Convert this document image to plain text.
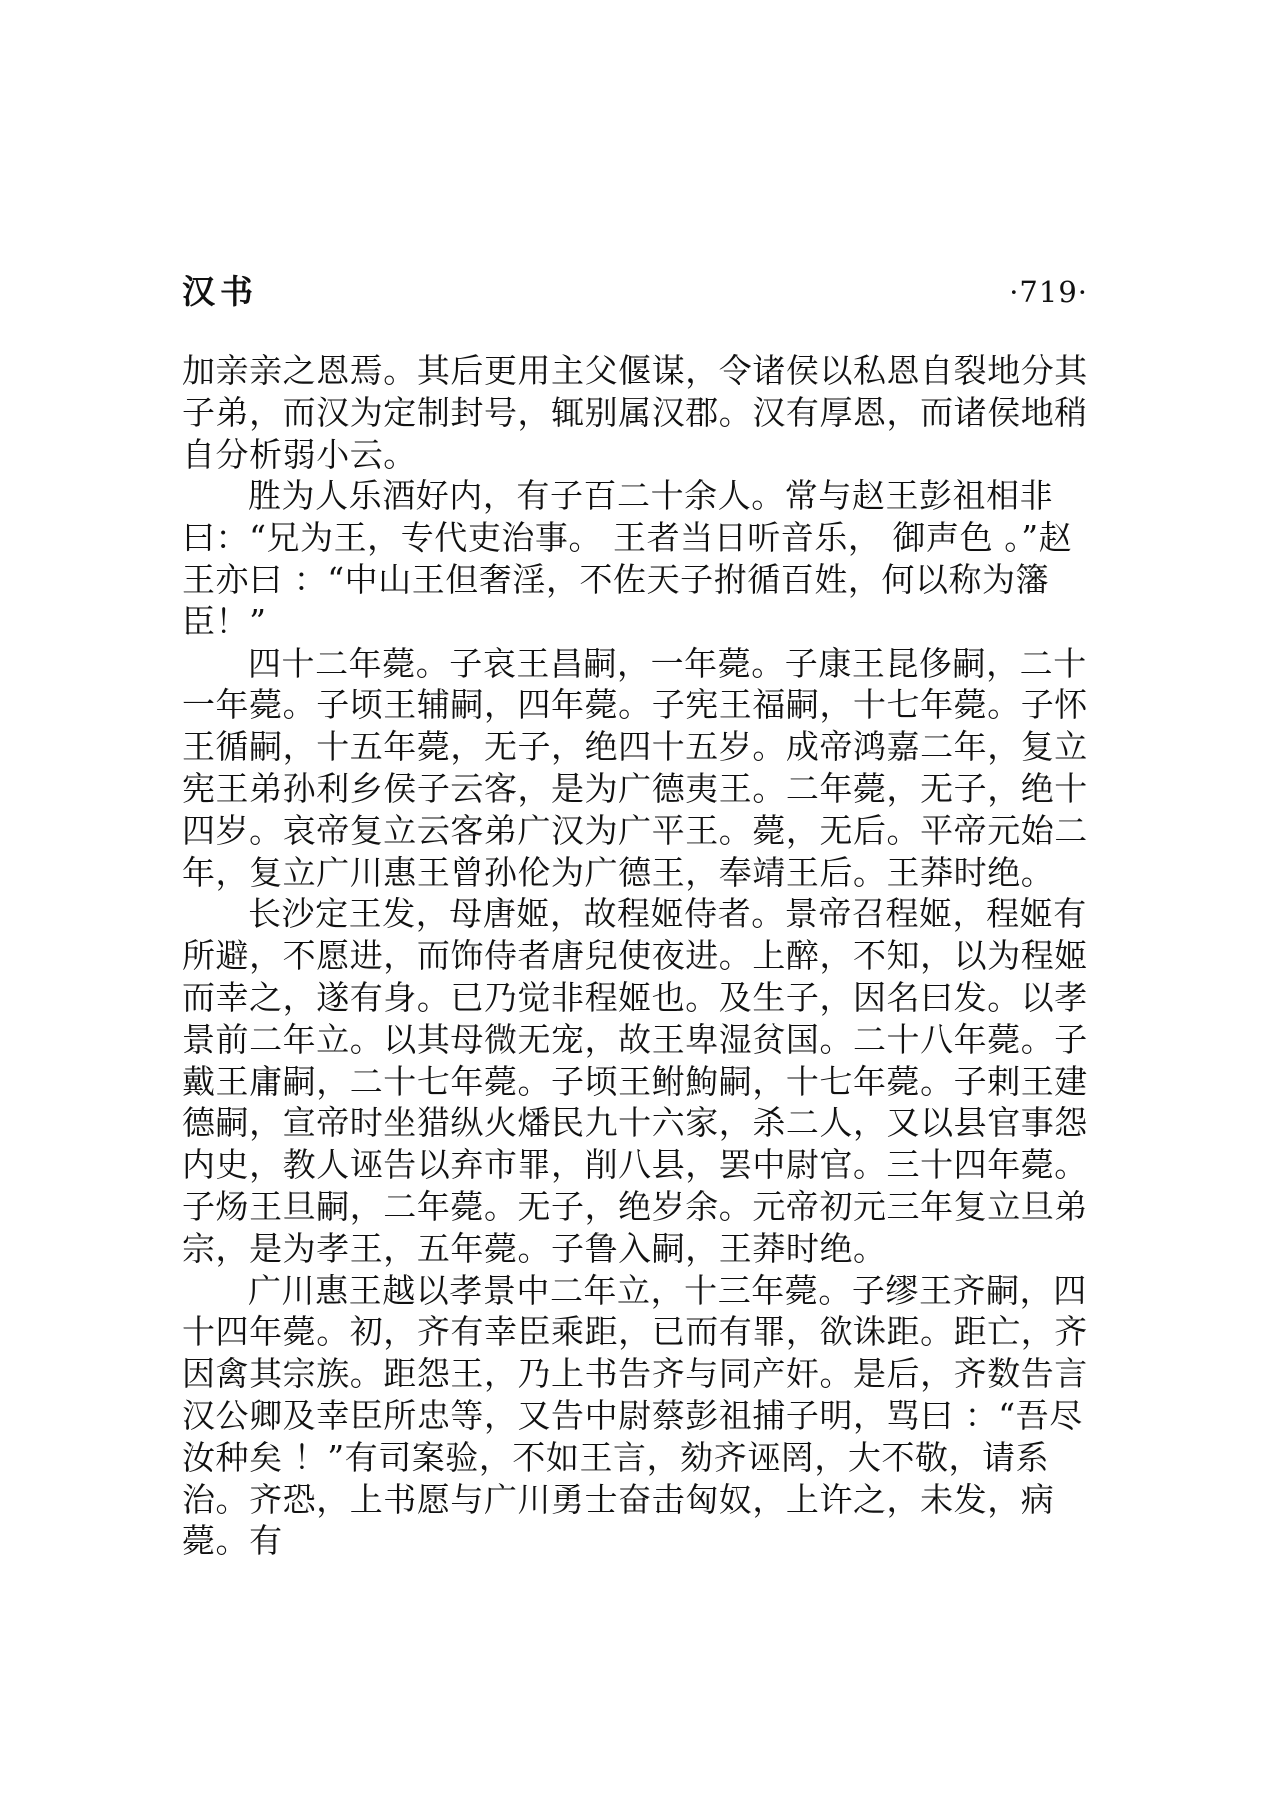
汉书	·719·

加亲亲之恩焉。其后更用主父偃谋，令诸侯以私恩自裂地分其子弟，而汉为定制封号，辄别属汉郡。汉有厚恩，而诸侯地稍自分析弱小云。

胜为人乐酒好内，有子百二十余人。常与赵王彭祖相非曰：“兄为王，专代吏治事。 王者当日听音乐， 御声色 。”赵王亦曰 ：“中山王但奢淫，不佐天子拊循百姓，何以称为籓臣！”

四十二年薨。子哀王昌嗣，一年薨。子康王昆侈嗣，二十一年薨。子顷王辅嗣，四年薨。子宪王福嗣，十七年薨。子怀王循嗣，十五年薨，无子，绝四十五岁。成帝鸿嘉二年，复立宪王弟孙利乡侯子云客，是为广德夷王。二年薨，无子，绝十四岁。哀帝复立云客弟广汉为广平王。薨，无后。平帝元始二年，复立广川惠王曾孙伦为广德王，奉靖王后。王莽时绝。

长沙定王发，母唐姬，故程姬侍者。景帝召程姬，程姬有所避，不愿进，而饰侍者唐兒使夜进。上醉，不知，以为程姬而幸之，遂有身。已乃觉非程姬也。及生子，因名曰发。以孝景前二年立。以其母微无宠，故王卑湿贫国。二十八年薨。子戴王庸嗣，二十七年薨。子顷王鲋鮈嗣，十七年薨。子剌王建德嗣，宣帝时坐猎纵火燔民九十六家，杀二人，又以县官事怨内史，教人诬告以弃市罪，削八县，罢中尉官。三十四年薨。子炀王旦嗣，二年薨。无子，绝岁余。元帝初元三年复立旦弟宗，是为孝王，五年薨。子鲁入嗣，王莽时绝。

广川惠王越以孝景中二年立，十三年薨。子缪王齐嗣，四十四年薨。初，齐有幸臣乘距，已而有罪，欲诛距。距亡，齐因禽其宗族。距怨王，乃上书告齐与同产奸。是后，齐数告言汉公卿及幸臣所忠等，又告中尉蔡彭祖捕子明，骂曰 ：“吾尽汝种矣 ！”有司案验，不如王言，劾齐诬罔，大不敬，请系治。齐恐，上书愿与广川勇士奋击匈奴，上许之，未发，病薨。有
